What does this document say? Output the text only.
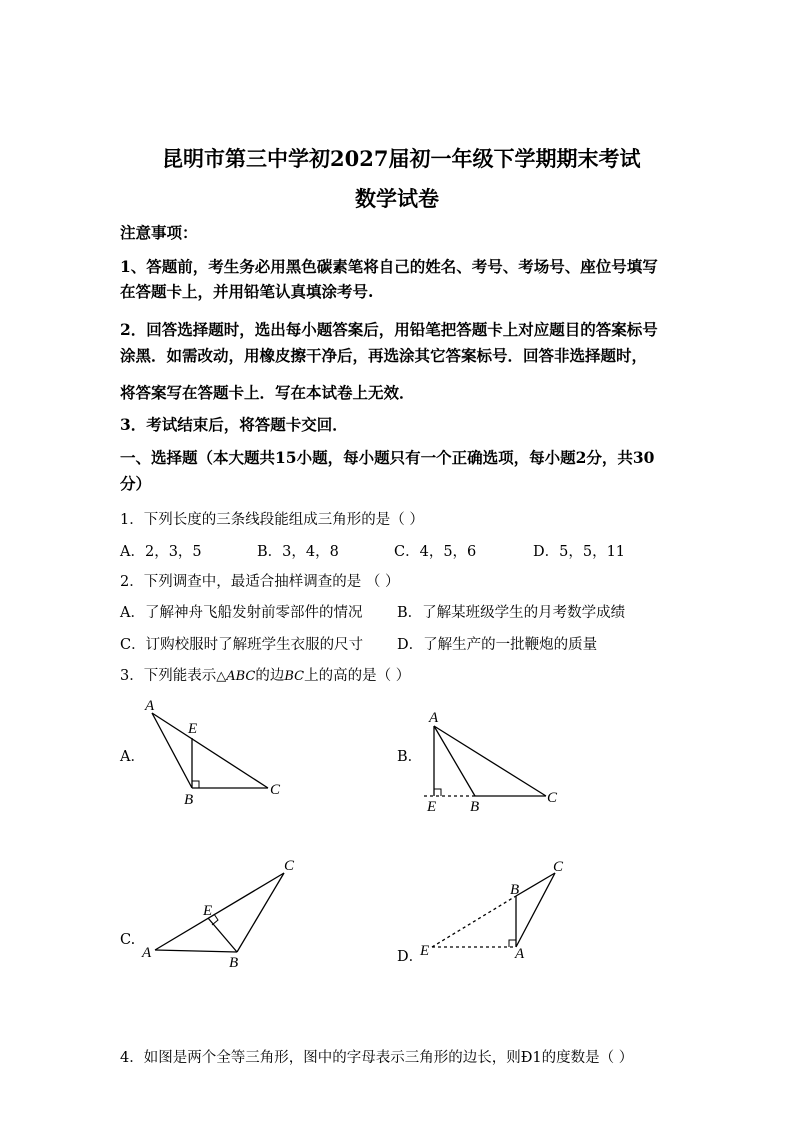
昆明市第三中学初2027届初一年级下学期期末考试
数学试卷
注意事项：
1、答题前，考生务必用黑色碳素笔将自己的姓名、考号、考场号、座位号填写
在答题卡上，并用铅笔认真填涂考号.
2．回答选择题时，选出每小题答案后，用铅笔把答题卡上对应题目的答案标号
涂黑．如需改动，用橡皮擦干净后，再选涂其它答案标号．回答非选择题时，
将答案写在答题卡上．写在本试卷上无效．
3．考试结束后，将答题卡交回．
一、选择题（本大题共15小题，每小题只有一个正确选项，每小题2分，共30
分）
1．下列长度的三条线段能组成三角形的是（ ）
A．2，3，5	B．3，4，8	C．4，5，6	D．5，5，11
2．下列调查中，最适合抽样调查的是 （ ）
A．了解神舟飞船发射前零部件的情况 B．了解某班级学生的月考数学成绩
C．订购校服时了解班学生衣服的尺寸 D．了解生产的一批鞭炮的质量
3．下列能表示△ABC的边BC上的高的是（ ）
A．	B．
C.
D．
A
E
B
C
A
E B
C
C
E
A
B
C
B
E	A
4．如图是两个全等三角形，图中的字母表示三角形的边长，则Ð1的度数是（ ）
